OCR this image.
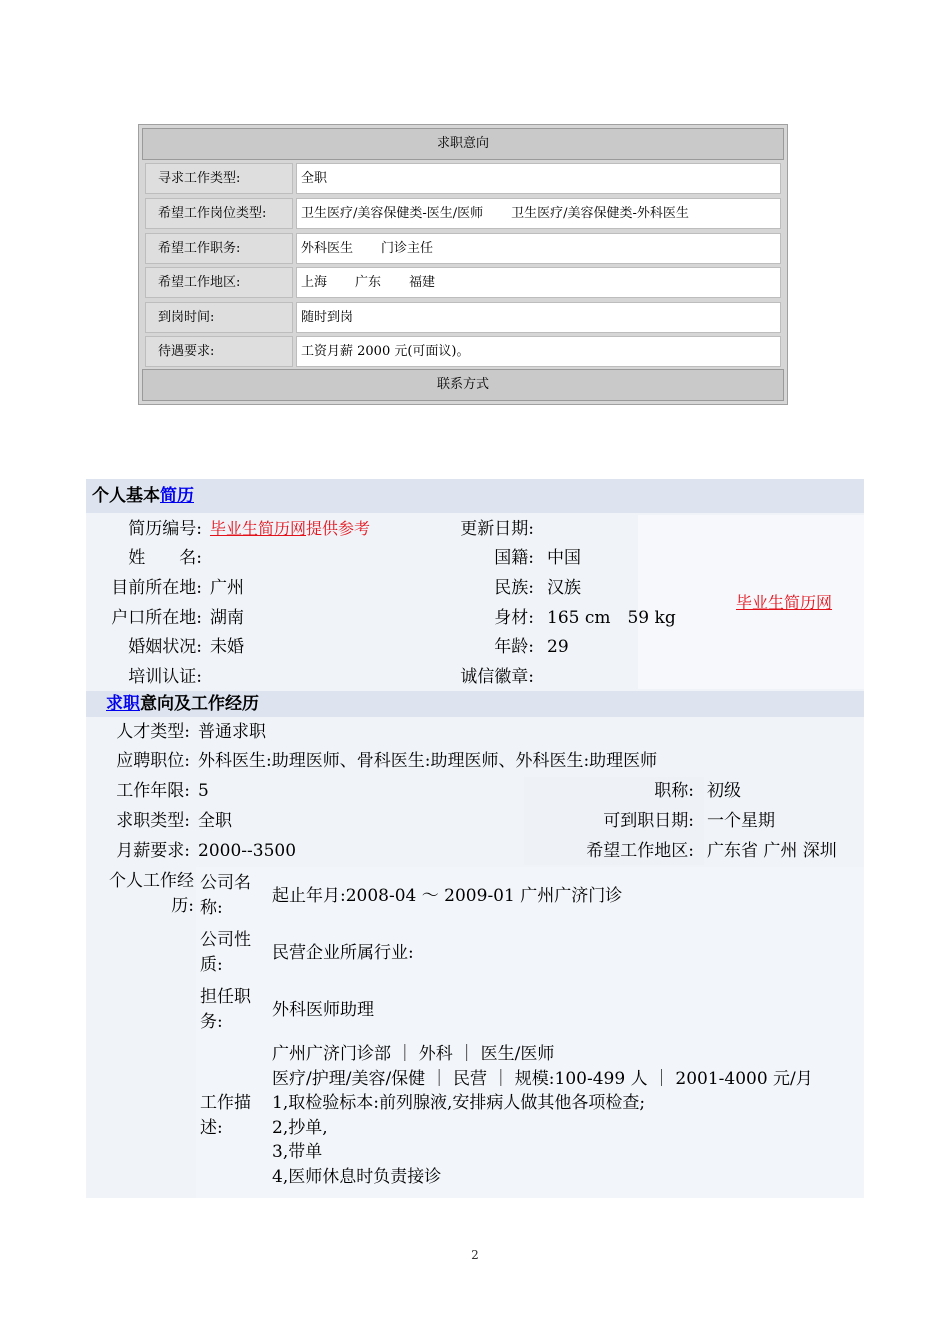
求职意向
寻求工作类型:	全职
希望工作岗位类型:	卫生医疗/美容保健类-医生/医师 卫生医疗/美容保健类-外科医生
希望工作职务:	外科医生 门诊主任
希望工作地区:	上海 广东 福建
到岗时间:	随时到岗
待遇要求:	工资月薪 2000 元(可面议)。
联系方式
个人基本简历
简历编号: 毕业生简历网提供参考	更新日期:
姓　　名:	国籍: 中国
目前所在地: 广州	民族: 汉族
户口所在地: 湖南	身材: 165 cm　59 kg
婚姻状况: 未婚	年龄: 29
培训认证:	诚信徽章:
毕业生简历网
求职意向及工作经历
人才类型: 普通求职
应聘职位: 外科医生:助理医师、骨科医生:助理医师、外科医生:助理医师
工作年限: 5	职称: 初级
求职类型: 全职	可到职日期: 一个星期
月薪要求: 2000--3500	希望工作地区: 广东省 广州 深圳
个人工作经
历:
公司名
称:
起止年月:2008-04 ～ 2009-01 广州广济门诊
公司性
质:
民营企业所属行业:
担任职
务:
外科医师助理
工作描
述:
广州广济门诊部 ｜ 外科 ｜ 医生/医师
医疗/护理/美容/保健 ｜ 民营 ｜ 规模:100-499 人 ｜ 2001-4000 元/月
1,取检验标本:前列腺液,安排病人做其他各项检查;
2,抄单,
3,带单
4,医师休息时负责接诊
2
